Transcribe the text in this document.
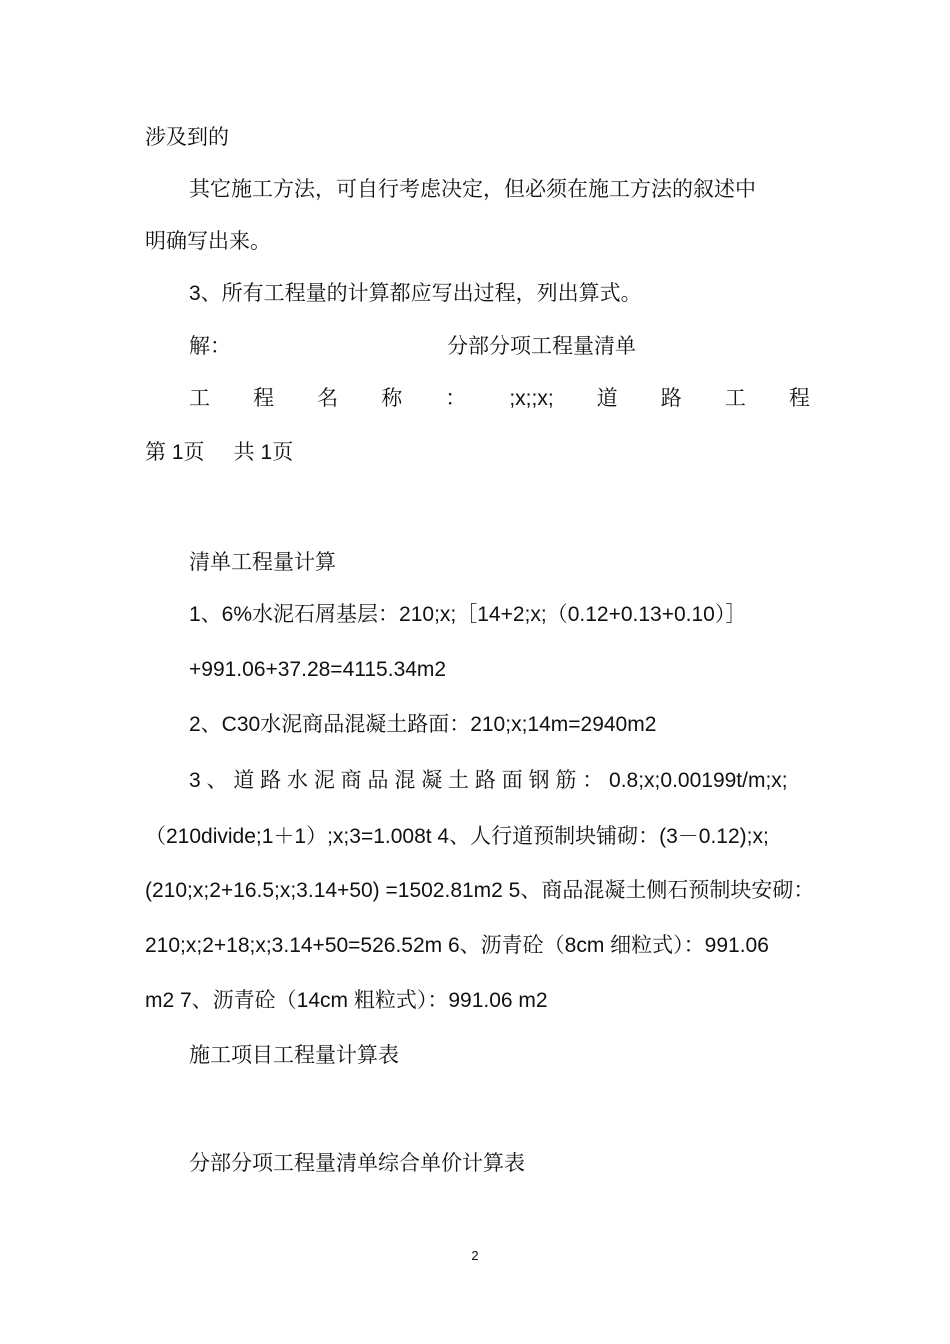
涉及到的
其它施工方法，可自行考虑决定，但必须在施工方法的叙述中
明确写出来。
3、所有工程量的计算都应写出过程，列出算式。
解：	分部分项工程量清单
工 程 名 称 ： ;x;;x; 道 路 工 程
第 1页     共 1页
清单工程量计算
1、6%水泥石屑基层：210;x;［14+2;x;（0.12+0.13+0.10）］
+991.06+37.28=4115.34m2
2、C30水泥商品混凝土路面：210;x;14m=2940m2
3 、 道 路 水 泥 商 品 混 凝 土 路 面 钢 筋 ： 0.8;x;0.00199t/m;x;
（210divide;1＋1）;x;3=1.008t 4、人行道预制块铺砌：(3－0.12);x;
(210;x;2+16.5;x;3.14+50) =1502.81m2 5、商品混凝土侧石预制块安砌：
210;x;2+18;x;3.14+50=526.52m 6、沥青砼（8cm 细粒式）：991.06
m2 7、沥青砼（14cm 粗粒式）：991.06 m2
施工项目工程量计算表
分部分项工程量清单综合单价计算表
2
